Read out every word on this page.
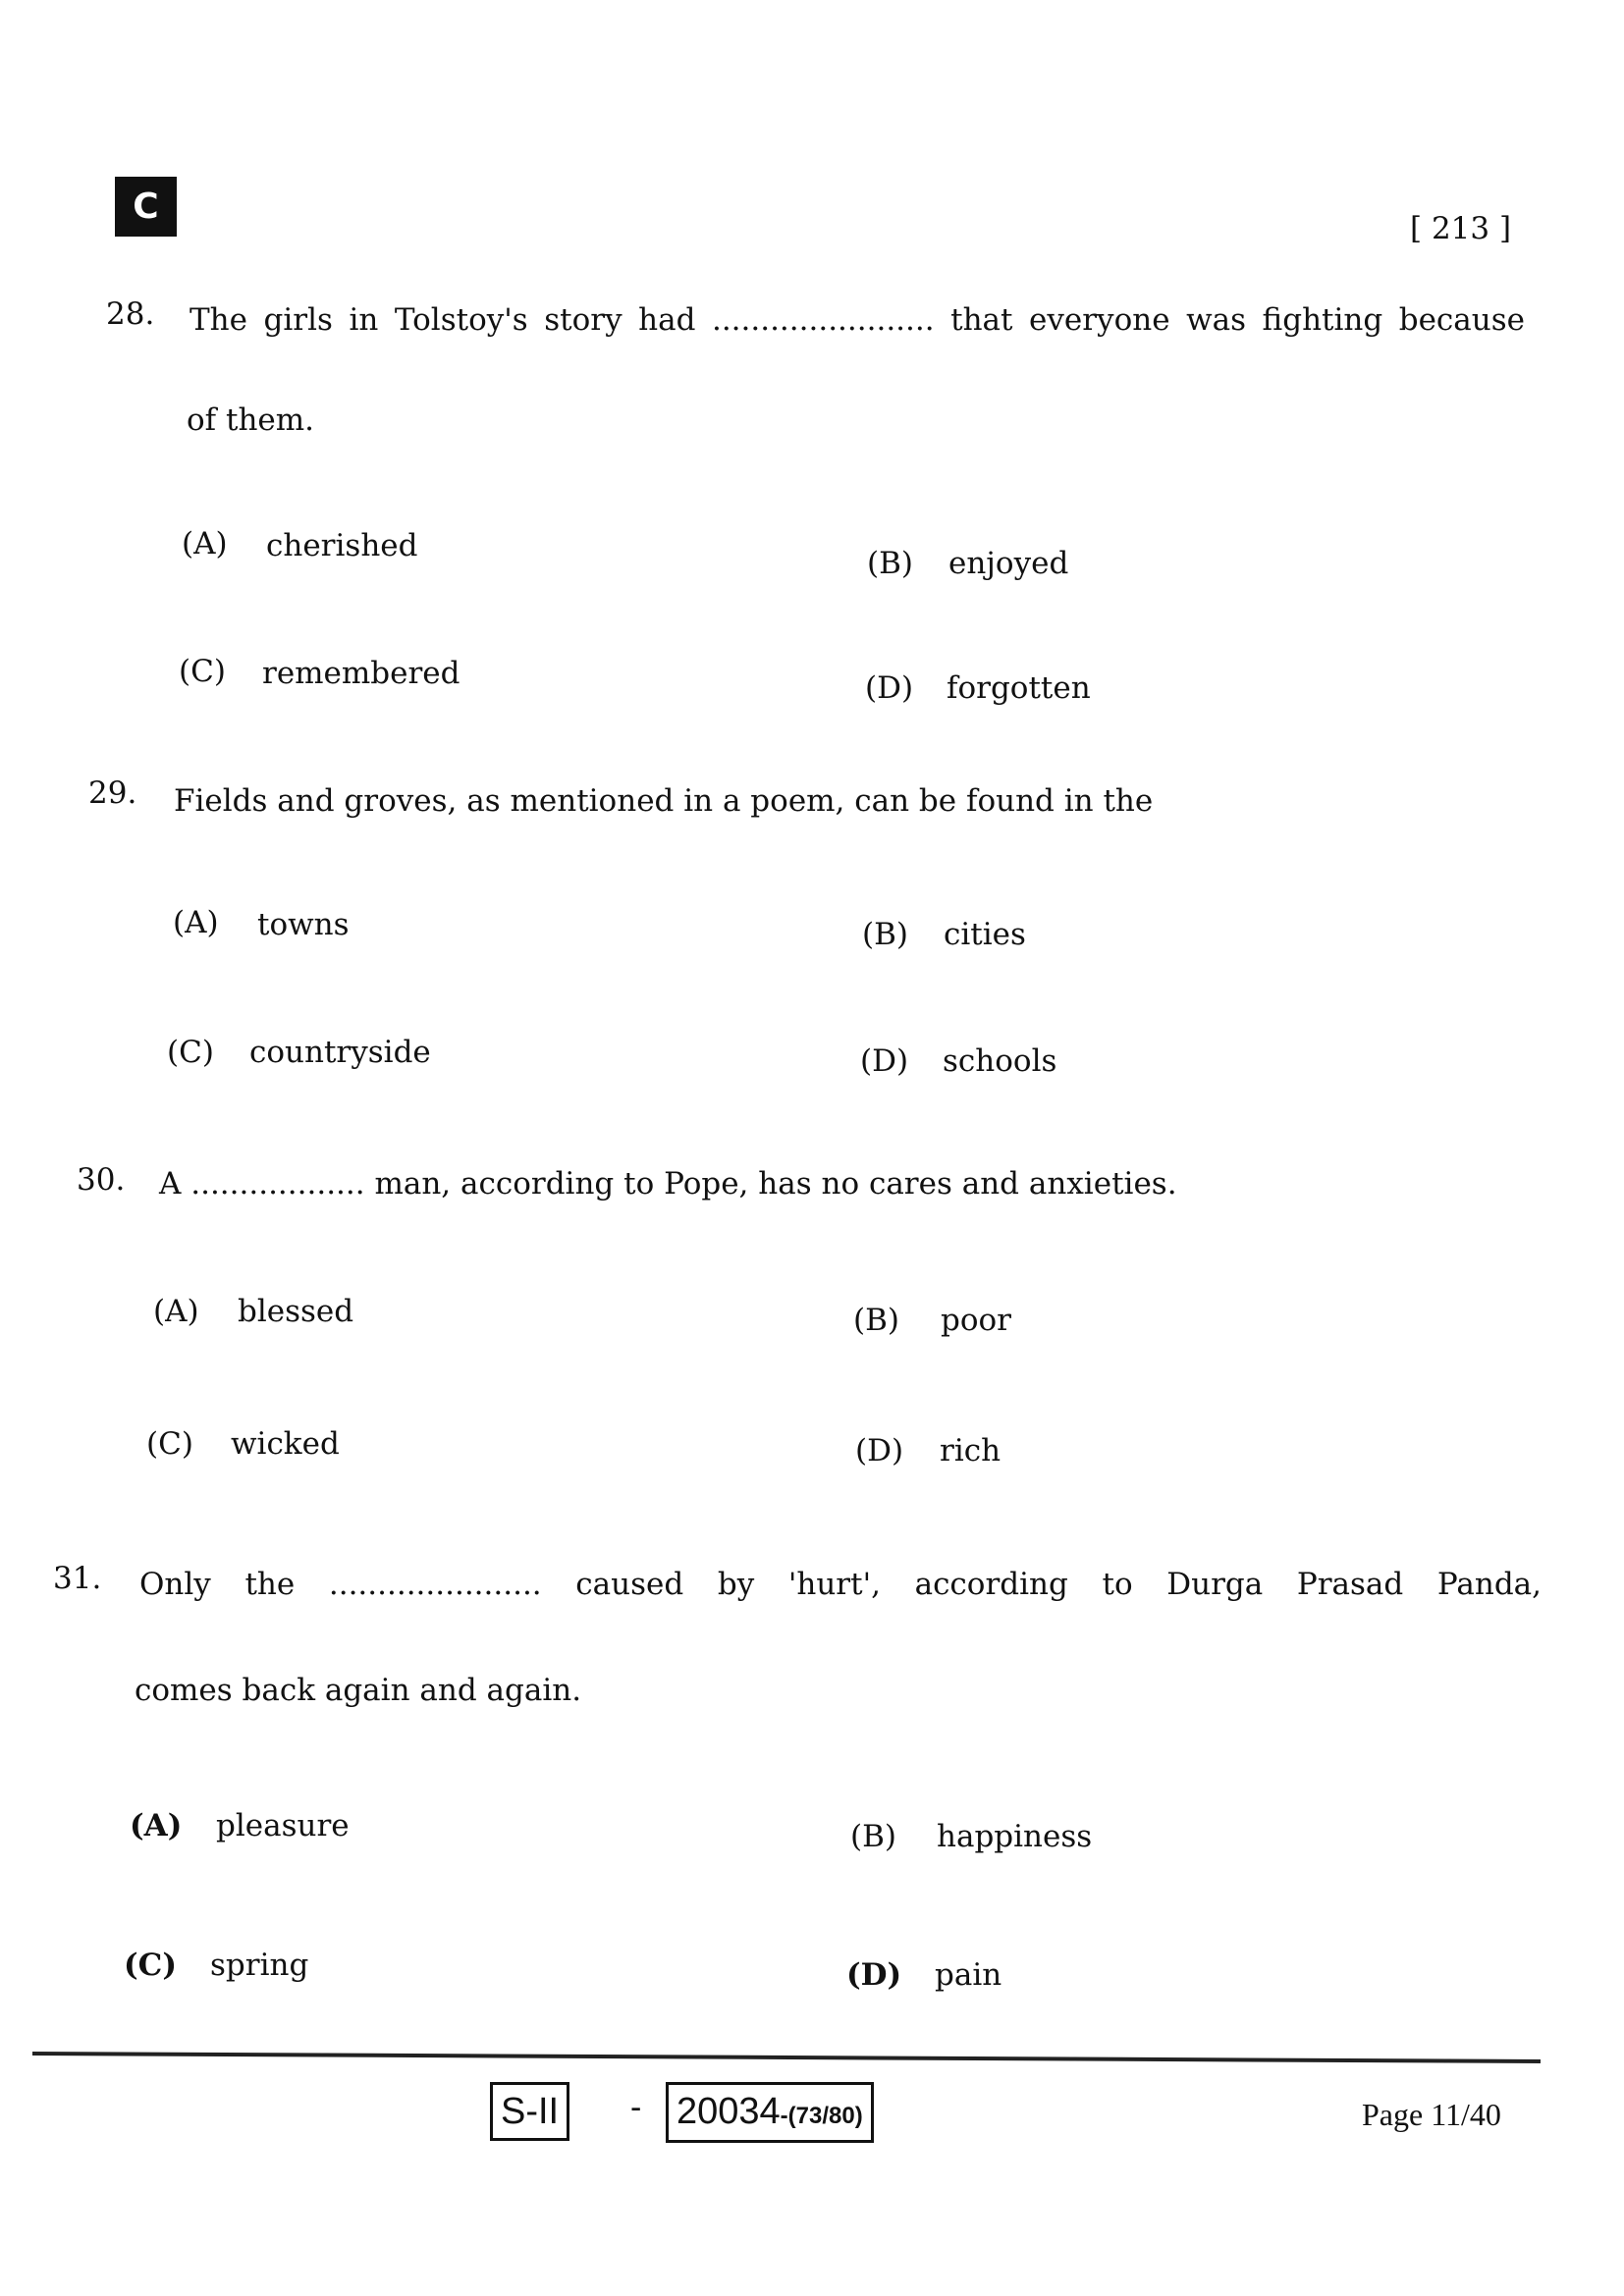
C
[ 213 ]
28. The girls in Tolstoy's story had ....................... that everyone was fighting because
of them.
(A) cherished	(B) enjoyed
(C) remembered	(D) forgotten
29. Fields and groves, as mentioned in a poem, can be found in the
(A) towns	(B) cities
(C) countryside	(D) schools
30. A .................. man, according to Pope, has no cares and anxieties.
(A) blessed	(B) poor
(C) wicked	(D) rich
31. Only the ...................... caused by 'hurt', according to Durga Prasad Panda,
comes back again and again.
(A) pleasure	(B) happiness
(C) spring	(D) pain
S-II	- 20034-(73/80)	Page 11/40
